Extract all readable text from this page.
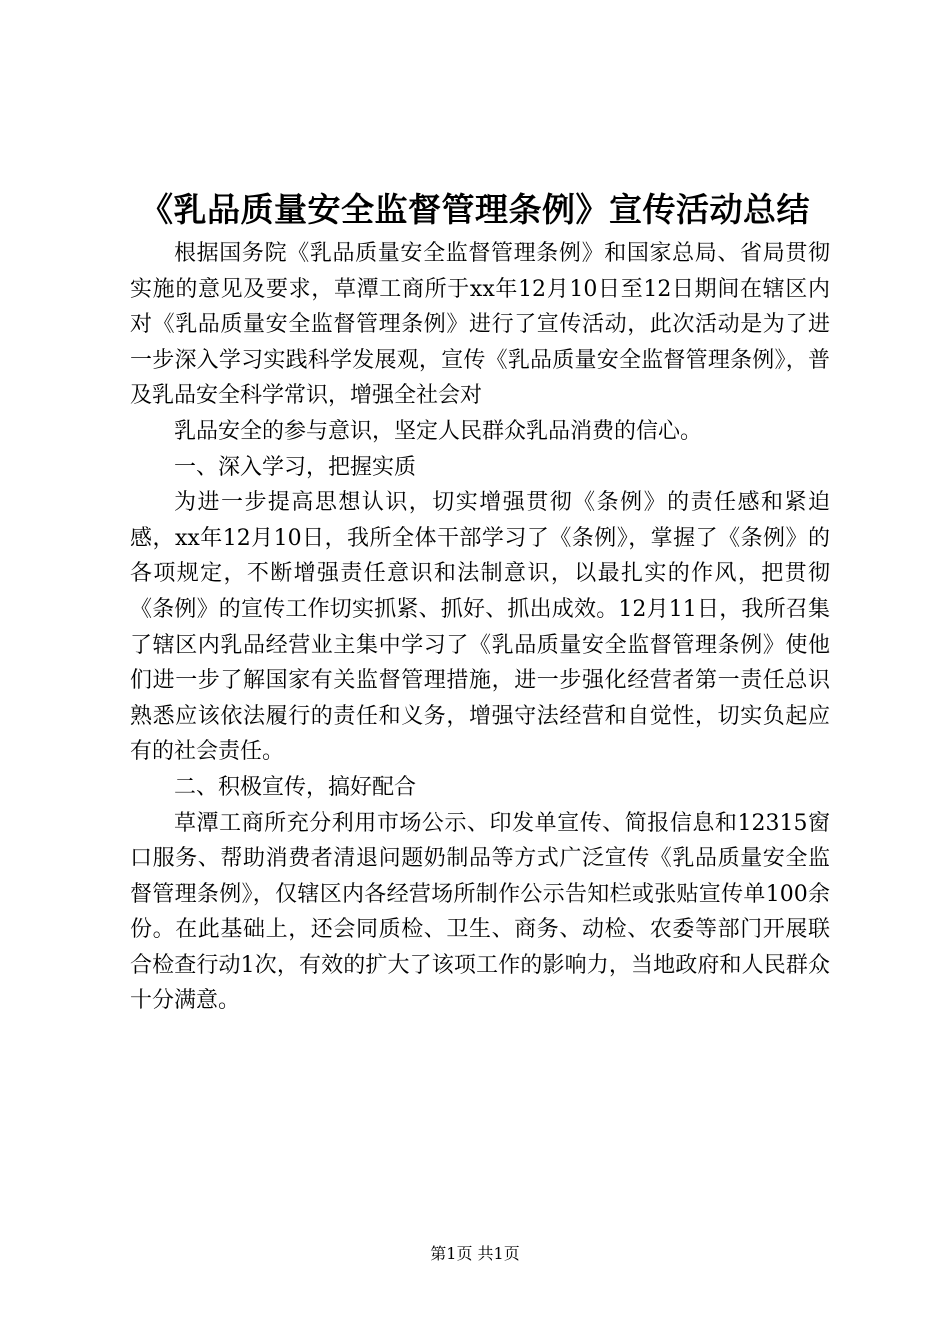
《乳品质量安全监督管理条例》宣传活动总结

根据国务院《乳品质量安全监督管理条例》和国家总局、省局贯彻实施的意见及要求，草潭工商所于xx年12月10日至12日期间在辖区内对《乳品质量安全监督管理条例》进行了宣传活动，此次活动是为了进一步深入学习实践科学发展观，宣传《乳品质量安全监督管理条例》，普及乳品安全科学常识，增强全社会对

乳品安全的参与意识，坚定人民群众乳品消费的信心。

一、深入学习，把握实质

为进一步提高思想认识，切实增强贯彻《条例》的责任感和紧迫感，xx年12月10日，我所全体干部学习了《条例》，掌握了《条例》的各项规定，不断增强责任意识和法制意识，以最扎实的作风，把贯彻《条例》的宣传工作切实抓紧、抓好、抓出成效。12月11日，我所召集了辖区内乳品经营业主集中学习了《乳品质量安全监督管理条例》使他们进一步了解国家有关监督管理措施，进一步强化经营者第一责任总识熟悉应该依法履行的责任和义务，增强守法经营和自觉性，切实负起应有的社会责任。

二、积极宣传，搞好配合

草潭工商所充分利用市场公示、印发单宣传、简报信息和12315窗口服务、帮助消费者清退问题奶制品等方式广泛宣传《乳品质量安全监督管理条例》，仅辖区内各经营场所制作公示告知栏或张贴宣传单100余份。在此基础上，还会同质检、卫生、商务、动检、农委等部门开展联合检查行动1次，有效的扩大了该项工作的影响力，当地政府和人民群众十分满意。

第1页 共1页
